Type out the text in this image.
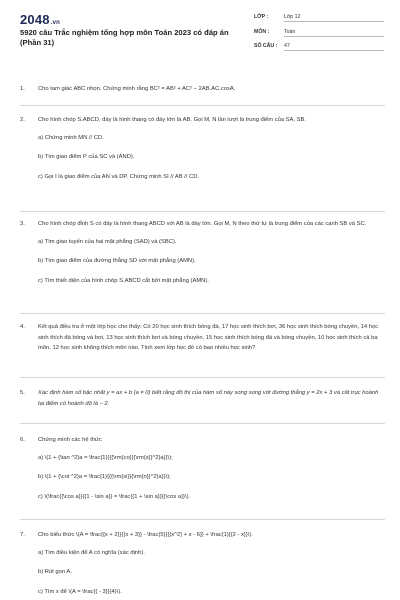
2048.vn
5920 câu Trắc nghiệm tổng hợp môn Toán 2023 có đáp án (Phần 31)
LỚP :	Lớp 12
MÔN :	Toán
SỐ CÂU : 47
1. Cho tam giác ABC nhọn. Chứng minh rằng BC² = AB² + AC² − 2AB.AC.cosA.
2. Cho hình chóp S.ABCD, đáy là hình thang có đáy lớn là AB. Gọi M, N lần lượt là trung điểm của SA, SB.
a) Chứng minh MN // CD.
b) Tìm giao điểm P của SC và (AND).
c) Gọi I là giao điểm của AN và DP. Chứng minh SI // AB // CD.
3. Cho hình chóp đỉnh S có đáy là hình thang ABCD với AB là đáy lớn. Gọi M, N theo thứ tự là trung điểm của các cạnh SB và SC.
a) Tìm giao tuyến của hai mặt phẳng (SAD) và (SBC).
b) Tìm giao điểm của đường thẳng SD với mặt phẳng (AMN).
c) Tìm thiết diện của hình chóp S.ABCD cắt bởi mặt phẳng (AMN).
4. Kết quả điều tra ở một lớp học cho thấy: Có 20 học sinh thích bóng đá, 17 học sinh thích bơi, 36 học sinh thích bóng chuyền, 14 học sinh thích đá bóng và bơi, 13 học sinh thích bơi và bóng chuyền, 15 học sinh thích bóng đá và bóng chuyền, 10 học sinh thích cả ba môn, 12 học sinh không thích môn nào. Tính xem lớp học đó có bao nhiêu học sinh?
5. Xác định hàm số bậc nhất y = ax + b (a ≠ 0) biết rằng đồ thị của hàm số này song song với đường thẳng y = 2x + 3 và cắt trục hoành tại điểm có hoành độ là − 2.
6. Chứng minh các hệ thức
a) \(1 + {\tan ^2}a = \frac{1}{{{\rm{co}}{\rm{s}}^2}a}}\);
b) \(1 + {\cot ^2}a = \frac{1}{{{\rm{si}}{\rm{n}}^2}a}}\);
c) \(\frac{{\cos a}}{{1 - \sin a}} = \frac{{1 + \sin a}}{{\cos a}}\).
7. Cho biểu thức \(A = \frac{{x + 2}}{{x + 3}} - \frac{5}{{{x^2} + x - 6}} + \frac{1}{{2 - x}}\).
a) Tìm điều kiện để A có nghĩa (xác định).
b) Rút gọn A.
c) Tìm x để \(A = \frac{{ - 3}}{4}\).
